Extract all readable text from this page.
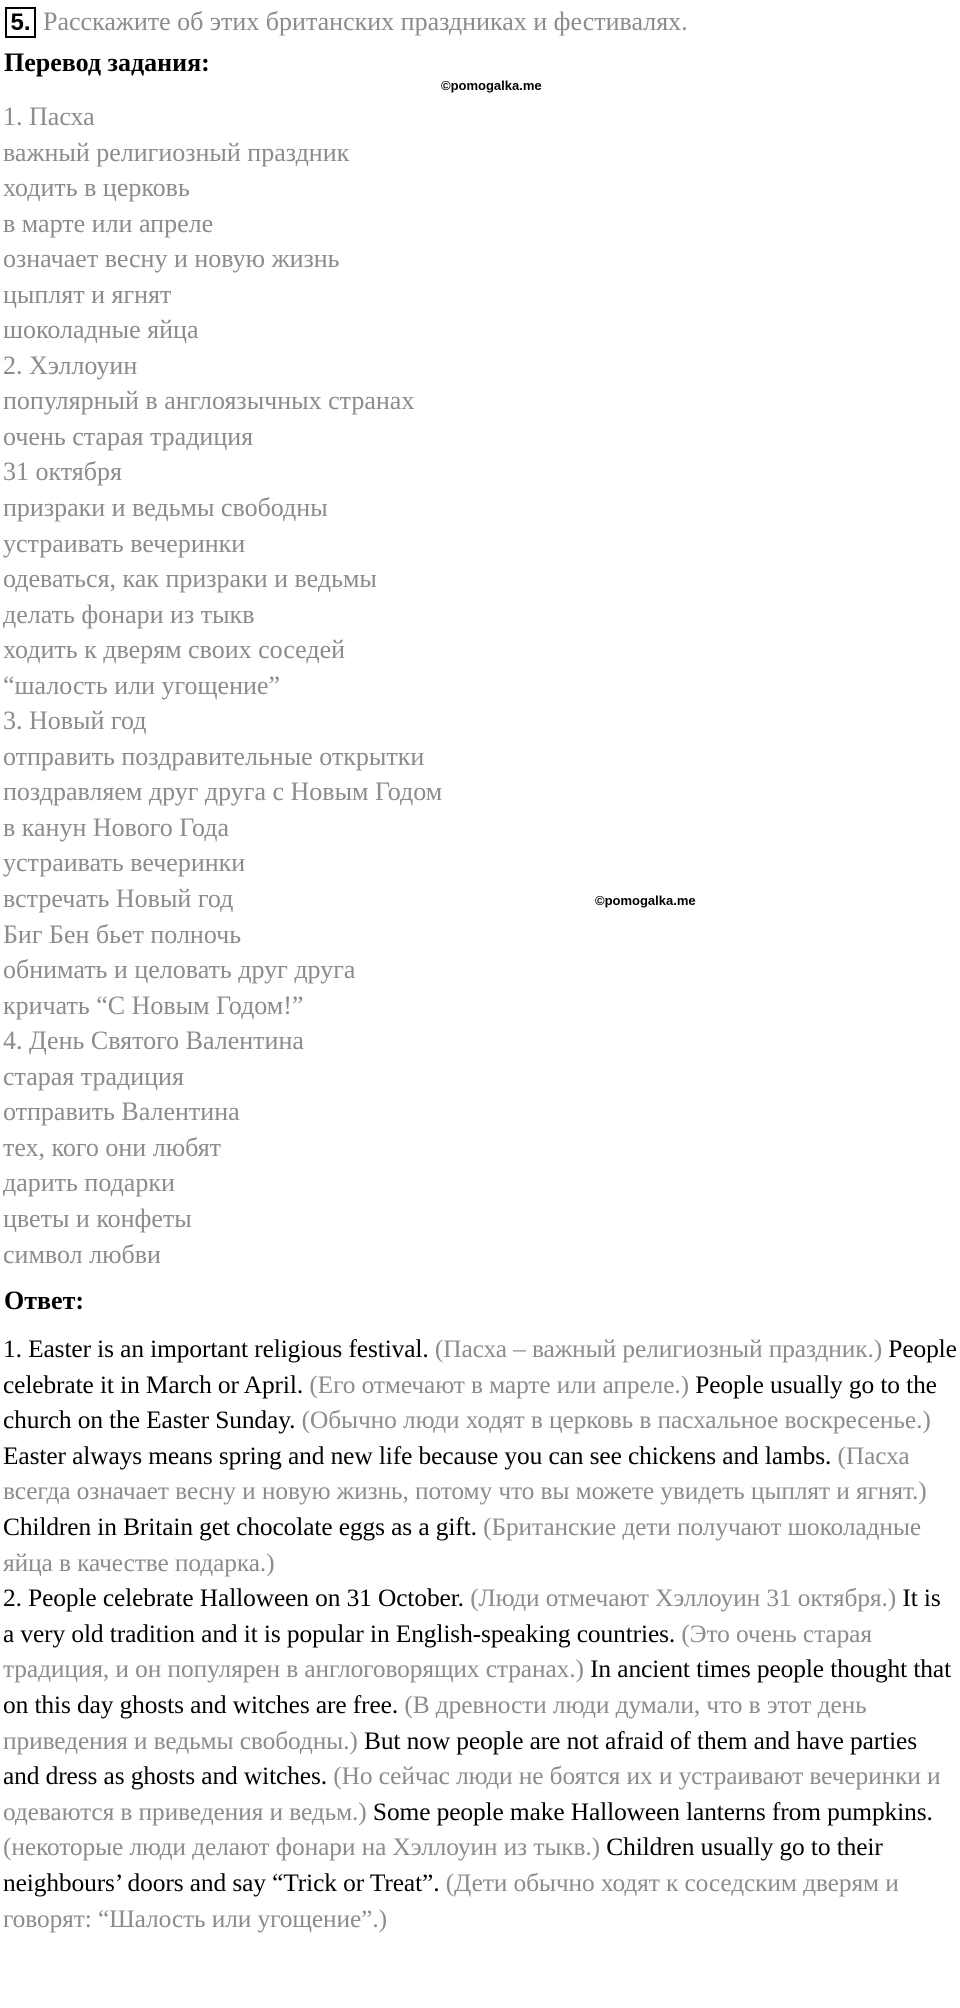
5. Расскажите об этих британских праздниках и фестивалях.
Перевод задания:
©pomogalka.me
1. Пасха
важный религиозный праздник
ходить в церковь
в марте или апреле
означает весну и новую жизнь
цыплят и ягнят
шоколадные яйца
2. Хэллоуин
популярный в англоязычных странах
очень старая традиция
31 октября
призраки и ведьмы свободны
устраивать вечеринки
одеваться, как призраки и ведьмы
делать фонари из тыкв
ходить к дверям своих соседей
“шалость или угощение”
3. Новый год
отправить поздравительные открытки
поздравляем друг друга с Новым Годом
в канун Нового Года
устраивать вечеринки
встречать Новый год
Биг Бен бьет полночь
обнимать и целовать друг друга
кричать “С Новым Годом!”
4. День Святого Валентина
старая традиция
отправить Валентина
тех, кого они любят
дарить подарки
цветы и конфеты
символ любви
©pomogalka.me
Ответ:

1. Easter is an important religious festival. (Пасха – важный религиозный праздник.) People celebrate it in March or April. (Его отмечают в марте или апреле.) People usually go to the church on the Easter Sunday. (Обычно люди ходят в церковь в пасхальное воскресенье.) Easter always means spring and new life because you can see chickens and lambs. (Пасха всегда означает весну и новую жизнь, потому что вы можете увидеть цыплят и ягнят.) Children in Britain get chocolate eggs as a gift. (Британские дети получают шоколадные яйца в качестве подарка.)

2. People celebrate Halloween on 31 October. (Люди отмечают Хэллоуин 31 октября.) It is a very old tradition and it is popular in English-speaking countries. (Это очень старая традиция, и он популярен в англоговорящих странах.) In ancient times people thought that on this day ghosts and witches are free. (В древности люди думали, что в этот день приведения и ведьмы свободны.) But now people are not afraid of them and have parties and dress as ghosts and witches. (Но сейчас люди не боятся их и устраивают вечеринки и одеваются в приведения и ведьм.) Some people make Halloween lanterns from pumpkins. (некоторые люди делают фонари на Хэллоуин из тыкв.) Children usually go to their neighbours’ doors and say “Trick or Treat”. (Дети обычно ходят к соседским дверям и говорят: “Шалость или угощение”.)
